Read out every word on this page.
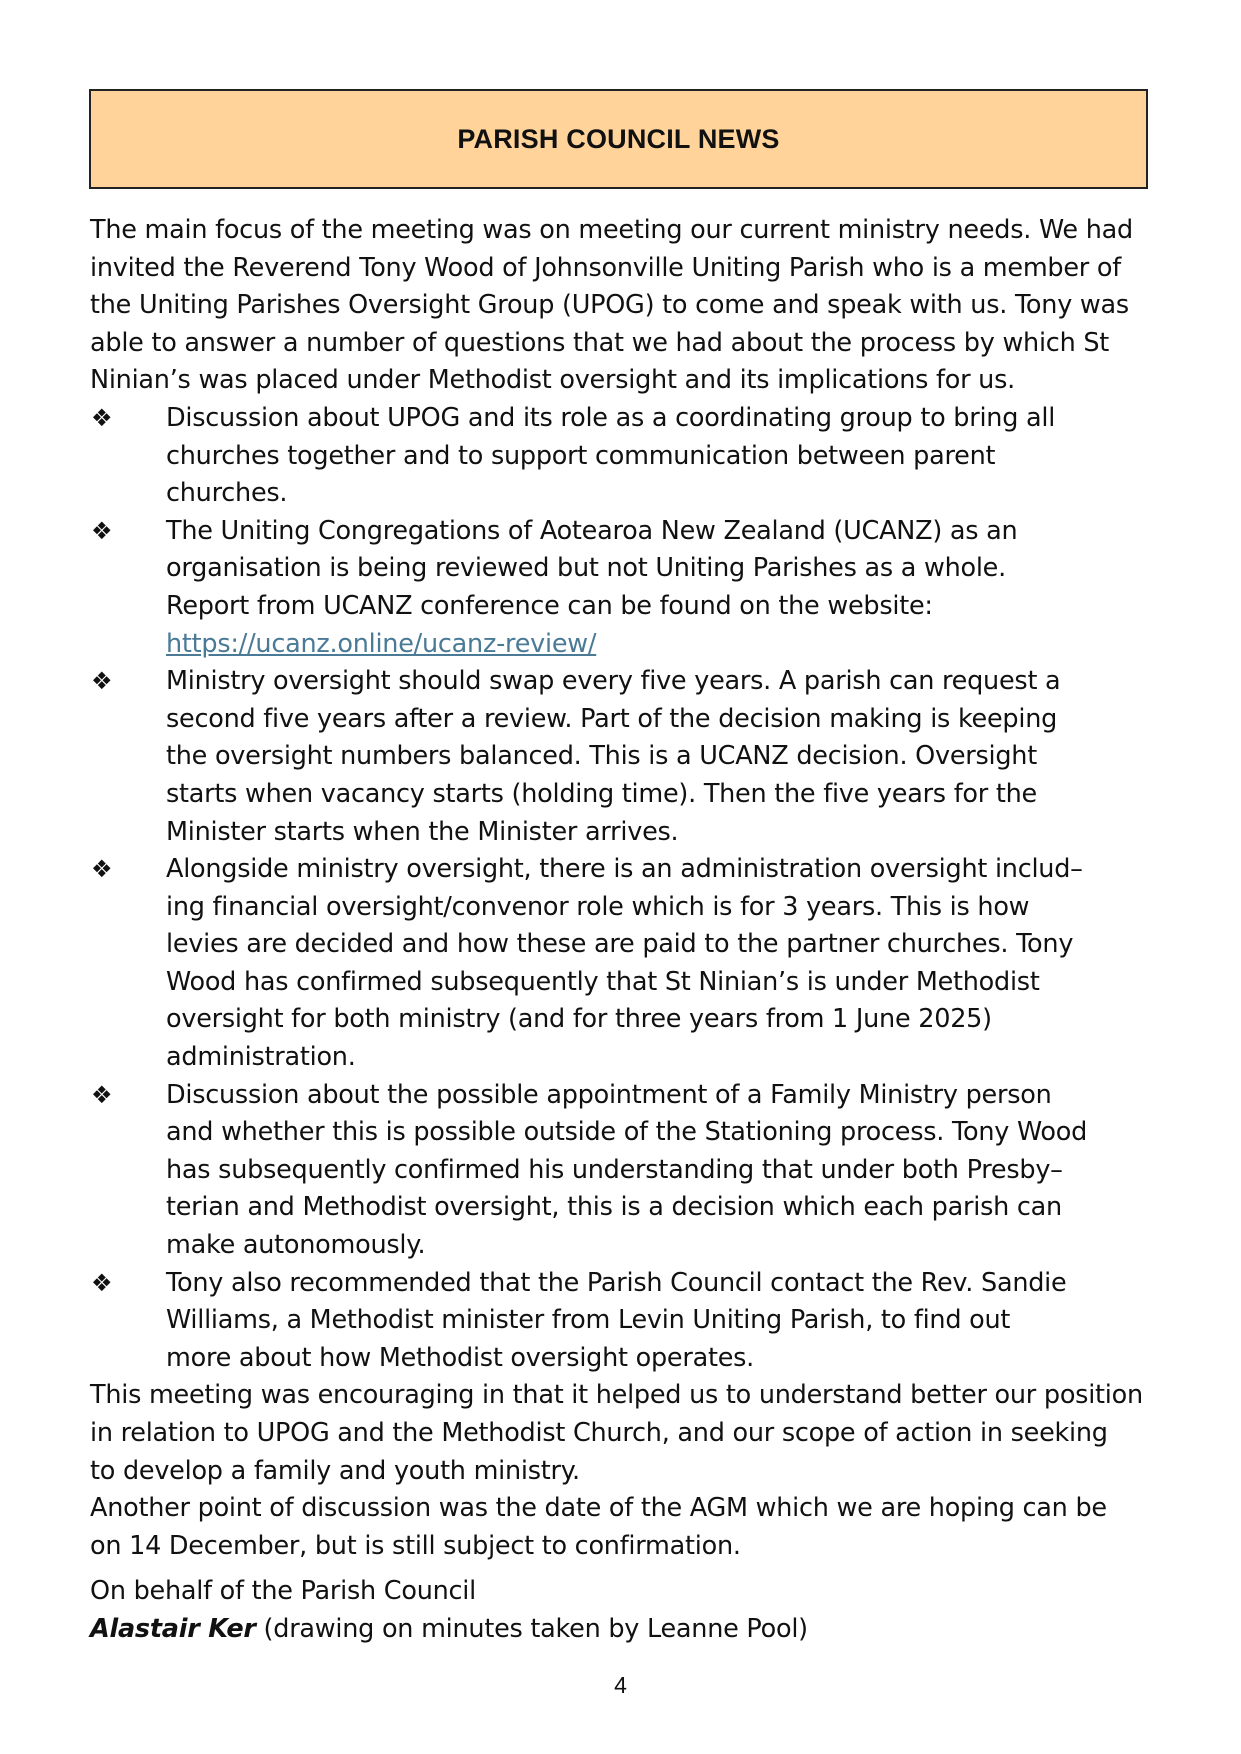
PARISH COUNCIL NEWS

The main focus of the meeting was on meeting our current ministry needs. We had
invited the Reverend Tony Wood of Johnsonville Uniting Parish who is a member of
the Uniting Parishes Oversight Group (UPOG) to come and speak with us. Tony was
able to answer a number of questions that we had about the process by which St
Ninian’s was placed under Methodist oversight and its implications for us.

❖	Discussion about UPOG and its role as a coordinating group to bring all
churches together and to support communication between parent
churches.
❖	The Uniting Congregations of Aotearoa New Zealand (UCANZ) as an
organisation is being reviewed but not Uniting Parishes as a whole.
Report from UCANZ conference can be found on the website:
https://ucanz.online/ucanz-review/
❖	Ministry oversight should swap every five years. A parish can request a
second five years after a review. Part of the decision making is keeping
the oversight numbers balanced. This is a UCANZ decision. Oversight
starts when vacancy starts (holding time). Then the five years for the
Minister starts when the Minister arrives.
❖	Alongside ministry oversight, there is an administration oversight includ–
ing financial oversight/convenor role which is for 3 years. This is how
levies are decided and how these are paid to the partner churches. Tony
Wood has confirmed subsequently that St Ninian’s is under Methodist
oversight for both ministry (and for three years from 1 June 2025)
administration.
❖	Discussion about the possible appointment of a Family Ministry person
and whether this is possible outside of the Stationing process. Tony Wood
has subsequently confirmed his understanding that under both Presby–
terian and Methodist oversight, this is a decision which each parish can
make autonomously.
❖	Tony also recommended that the Parish Council contact the Rev. Sandie
Williams, a Methodist minister from Levin Uniting Parish, to find out
more about how Methodist oversight operates.

This meeting was encouraging in that it helped us to understand better our position
in relation to UPOG and the Methodist Church, and our scope of action in seeking
to develop a family and youth ministry.

Another point of discussion was the date of the AGM which we are hoping can be
on 14 December, but is still subject to confirmation.

On behalf of the Parish Council
Alastair Ker (drawing on minutes taken by Leanne Pool)

4
